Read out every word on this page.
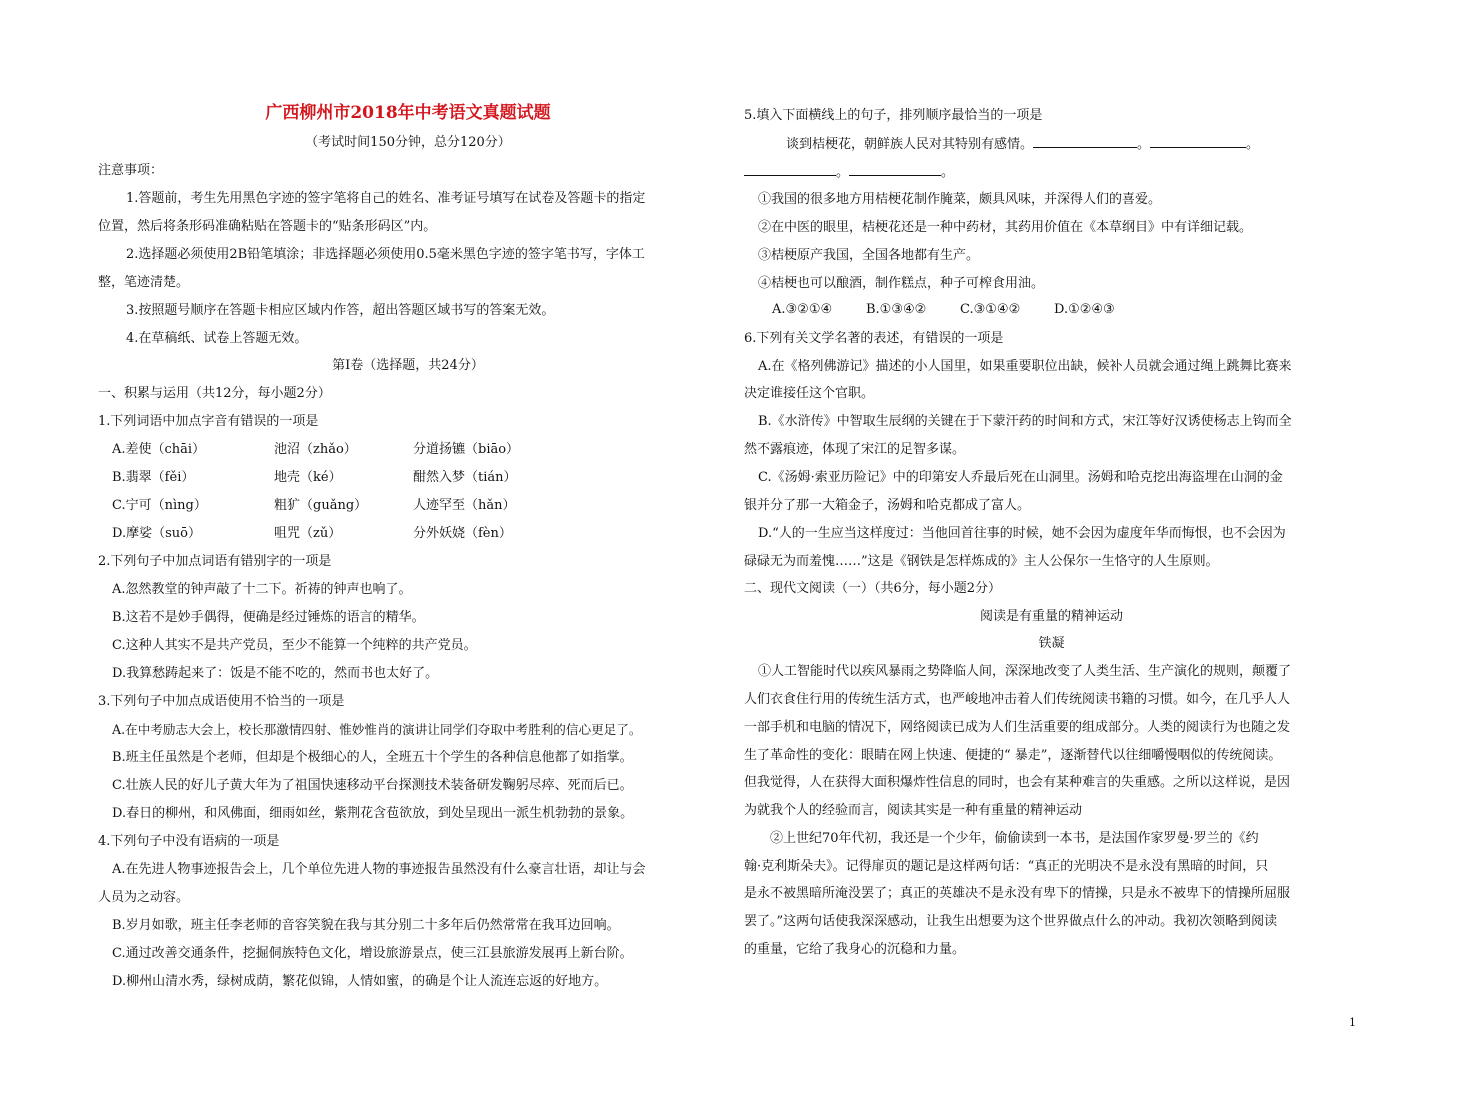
广西柳州市2018年中考语文真题试题
（考试时间150分钟，总分120分）
注意事项：
1.答题前，考生先用黑色字迹的签字笔将自己的姓名、准考证号填写在试卷及答题卡的指定
位置，然后将条形码准确粘贴在答题卡的“贴条形码区”内。
2.选择题必须使用2B铅笔填涂；非选择题必须使用0.5毫米黑色字迹的签字笔书写，字体工
整，笔迹清楚。
3.按照题号顺序在答题卡相应区域内作答，超出答题区域书写的答案无效。
4.在草稿纸、试卷上答题无效。
第Ⅰ卷（选择题，共24分）
一、积累与运用（共12分，每小题2分）
1.下列词语中加点字音有错误的一项是
A.差使（chāi）	池沼（zhǎo）	分道扬镳（biāo）
B.翡翠（fěi）	地壳（ké）	酣然入梦（tián）
C.宁可（nìng）	粗犷（guǎng）	人迹罕至（hǎn）
D.摩娑（suō）	咀咒（zǔ）	分外妖娆（fèn）
2.下列句子中加点词语有错别字的一项是
A.忽然教堂的钟声敲了十二下。祈祷的钟声也响了。
B.这若不是妙手偶得，便确是经过锤炼的语言的精华。
C.这种人其实不是共产党员，至少不能算一个纯粹的共产党员。
D.我算愁踌起来了：饭是不能不吃的，然而书也太好了。
3.下列句子中加点成语使用不恰当的一项是
A.在中考励志大会上，校长那激情四射、惟妙惟肖的演讲让同学们夺取中考胜利的信心更足了。
B.班主任虽然是个老师，但却是个极细心的人，全班五十个学生的各种信息他都了如指掌。
C.壮族人民的好儿子黄大年为了祖国快速移动平台探测技术装备研发鞠躬尽瘁、死而后已。
D.春日的柳州，和风佛面，细雨如丝，紫荆花含苞欲放，到处呈现出一派生机勃勃的景象。
4.下列句子中没有语病的一项是
A.在先进人物事迹报告会上，几个单位先进人物的事迹报告虽然没有什么豪言壮语，却让与会
人员为之动容。
B.岁月如歌，班主任李老师的音容笑貌在我与其分别二十多年后仍然常常在我耳边回响。
C.通过改善交通条件，挖掘侗族特色文化，增设旅游景点，使三江县旅游发展再上新台阶。
D.柳州山清水秀，绿树成荫，繁花似锦，人情如蜜，的确是个让人流连忘返的好地方。
5.填入下面横线上的句子，排列顺序最恰当的一项是
谈到桔梗花，朝鲜族人民对其特别有感情。	。	。
。	。
①我国的很多地方用桔梗花制作腌菜，颇具风味，并深得人们的喜爱。
②在中医的眼里，桔梗花还是一种中药材，其药用价值在《本草纲目》中有详细记载。
③桔梗原产我国，全国各地都有生产。
④桔梗也可以酿酒，制作糕点，种子可榨食用油。
A.③②①④	B.①③④②	C.③①④②	D.①②④③
6.下列有关文学名著的表述，有错误的一项是
A.在《格列佛游记》描述的小人国里，如果重要职位出缺，候补人员就会通过绳上跳舞比赛来
决定谁接任这个官职。
B.《水浒传》中智取生辰纲的关键在于下蒙汗药的时间和方式，宋江等好汉诱使杨志上钩而全
然不露痕迹，体现了宋江的足智多谋。
C.《汤姆·索亚历险记》中的印第安人乔最后死在山洞里。汤姆和哈克挖出海盗埋在山洞的金
银并分了那一大箱金子，汤姆和哈克都成了富人。
D.“人的一生应当这样度过：当他回首往事的时候，她不会因为虚度年华而悔恨，也不会因为
碌碌无为而羞愧……”这是《钢铁是怎样炼成的》主人公保尔一生恪守的人生原则。
二、现代文阅读（一）（共6分，每小题2分）
阅读是有重量的精神运动
铁凝
①人工智能时代以疾风暴雨之势降临人间，深深地改变了人类生活、生产演化的规则，颠覆了
人们衣食住行用的传统生活方式，也严峻地冲击着人们传统阅读书籍的习惯。如今，在几乎人人
一部手机和电脑的情况下，网络阅读已成为人们生活重要的组成部分。人类的阅读行为也随之发
生了革命性的变化：眼睛在网上快速、便捷的“ 暴走”，逐渐替代以往细嚼慢咽似的传统阅读。
但我觉得，人在获得大面积爆炸性信息的同时，也会有某种难言的失重感。之所以这样说，是因
为就我个人的经验而言，阅读其实是一种有重量的精神运动
②上世纪70年代初，我还是一个少年，偷偷读到一本书，是法国作家罗曼·罗兰的《约
翰·克利斯朵夫》。记得扉页的题记是这样两句话：“真正的光明决不是永没有黑暗的时间，只
是永不被黑暗所淹没罢了；真正的英雄决不是永没有卑下的情操，只是永不被卑下的情操所屈服
罢了。”这两句话使我深深感动，让我生出想要为这个世界做点什么的冲动。我初次领略到阅读
的重量，它给了我身心的沉稳和力量。
1
